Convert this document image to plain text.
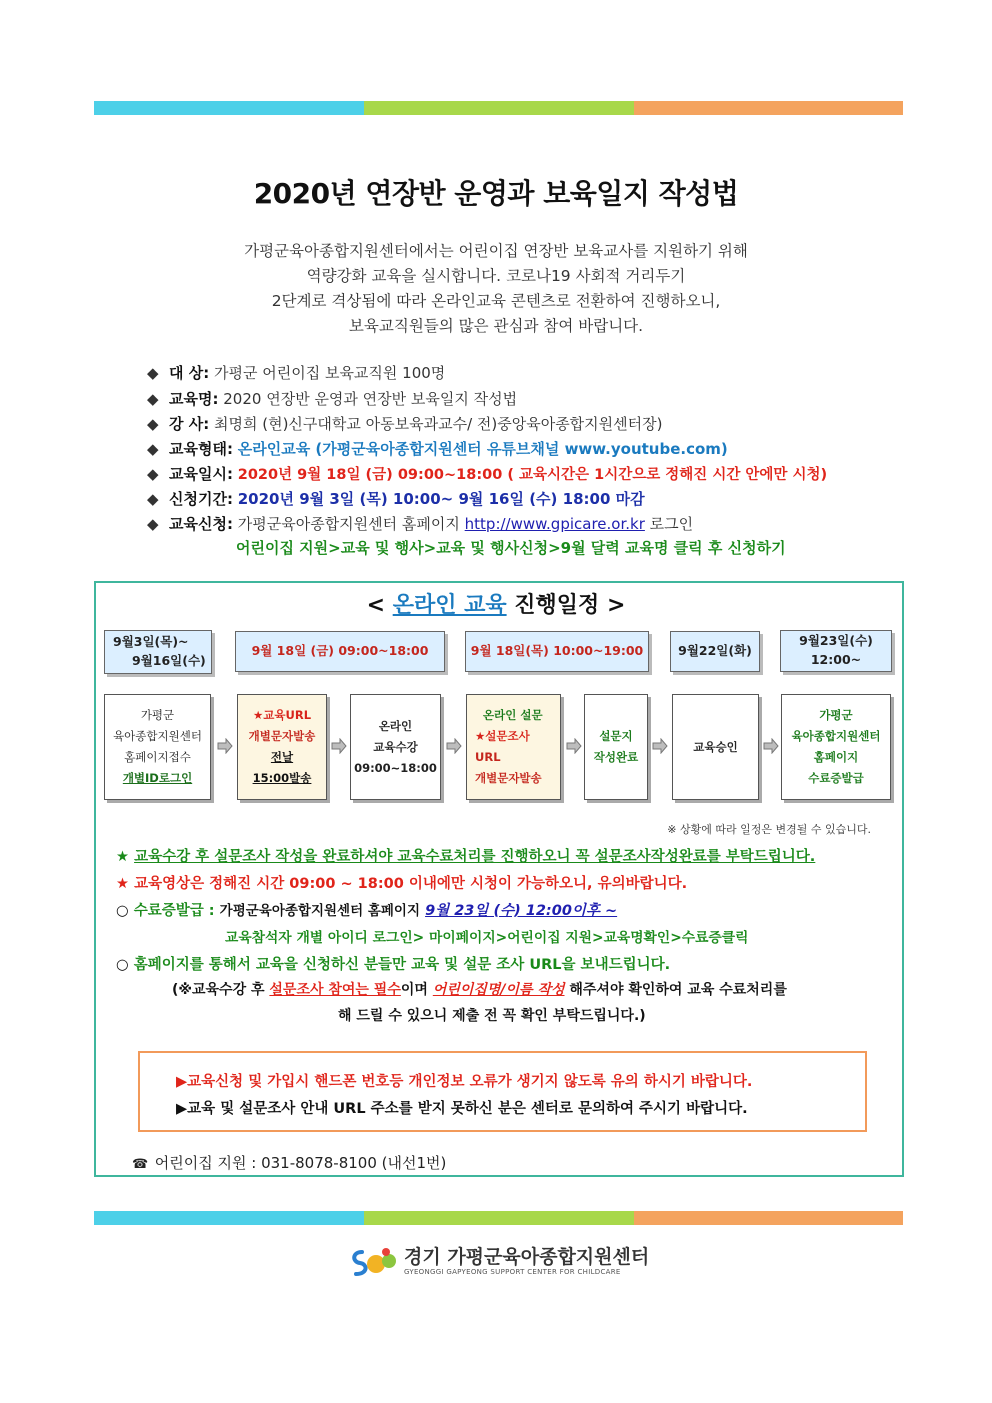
2020년 연장반 운영과 보육일지 작성법
가평군육아종합지원센터에서는 어린이집 연장반 보육교사를 지원하기 위해
역량강화 교육을 실시합니다. 코로나19 사회적 거리두기
2단계로 격상됨에 따라 온라인교육 콘텐츠로 전환하여 진행하오니,
보육교직원들의 많은 관심과 참여 바랍니다.
◆ 대 상: 가평군 어린이집 보육교직원 100명
◆ 교육명: 2020 연장반 운영과 연장반 보육일지 작성법
◆ 강 사: 최명희 (현)신구대학교 아동보육과교수/ 전)중앙육아종합지원센터장)
◆ 교육형태: 온라인교육 (가평군육아종합지원센터 유튜브채널 www.youtube.com)
◆ 교육일시: 2020년 9월 18일 (금) 09:00~18:00 ( 교육시간은 1시간으로 정해진 시간 안에만 시청)
◆ 신청기간: 2020년 9월 3일 (목) 10:00~ 9월 16일 (수) 18:00 마감
◆ 교육신청: 가평군육아종합지원센터 홈페이지 http://www.gpicare.or.kr 로그인
어린이집 지원>교육 및 행사>교육 및 행사신청>9월 달력 교육명 클릭 후 신청하기
< 온라인 교육 진행일정 >
9월3일(목)~
9월16일(수)
9월 18일 (금) 09:00~18:00	9월 18일(목) 10:00~19:00	9월22일(화)
9월23일(수)
12:00~
가평군
육아종합지원센터
홈페이지접수
개별ID로그인
★교육URL
개별문자발송
전날
15:00발송
온라인
교육수강
09:00~18:00
온라인 설문
★설문조사
URL
개별문자발송
설문지
작성완료
교육승인
가평군
육아종합지원센터
홈페이지
수료증발급
※ 상황에 따라 일정은 변경될 수 있습니다.
★ 교육수강 후 설문조사 작성을 완료하셔야 교육수료처리를 진행하오니 꼭 설문조사작성완료를 부탁드립니다.
★ 교육영상은 정해진 시간 09:00 ~ 18:00 이내에만 시청이 가능하오니, 유의바랍니다.
○ 수료증발급 : 가평군육아종합지원센터 홈페이지 9월 23일 (수) 12:00이후 ~
교육참석자 개별 아이디 로그인> 마이페이지>어린이집 지원>교육명확인>수료증클릭
○ 홈페이지를 통해서 교육을 신청하신 분들만 교육 및 설문 조사 URL을 보내드립니다.
(※교육수강 후 설문조사 참여는 필수이며 어린이집명/이름 작성 해주셔야 확인하여 교육 수료처리를
해 드릴 수 있으니 제출 전 꼭 확인 부탁드립니다.)
▶교육신청 및 가입시 핸드폰 번호등 개인정보 오류가 생기지 않도록 유의 하시기 바랍니다.
▶교육 및 설문조사 안내 URL 주소를 받지 못하신 분은 센터로 문의하여 주시기 바랍니다.
☎ 어린이집 지원 : 031-8078-8100 (내선1번)
경기 가평군육아종합지원센터
GYEONGGI GAPYEONG SUPPORT CENTER FOR CHILDCARE
